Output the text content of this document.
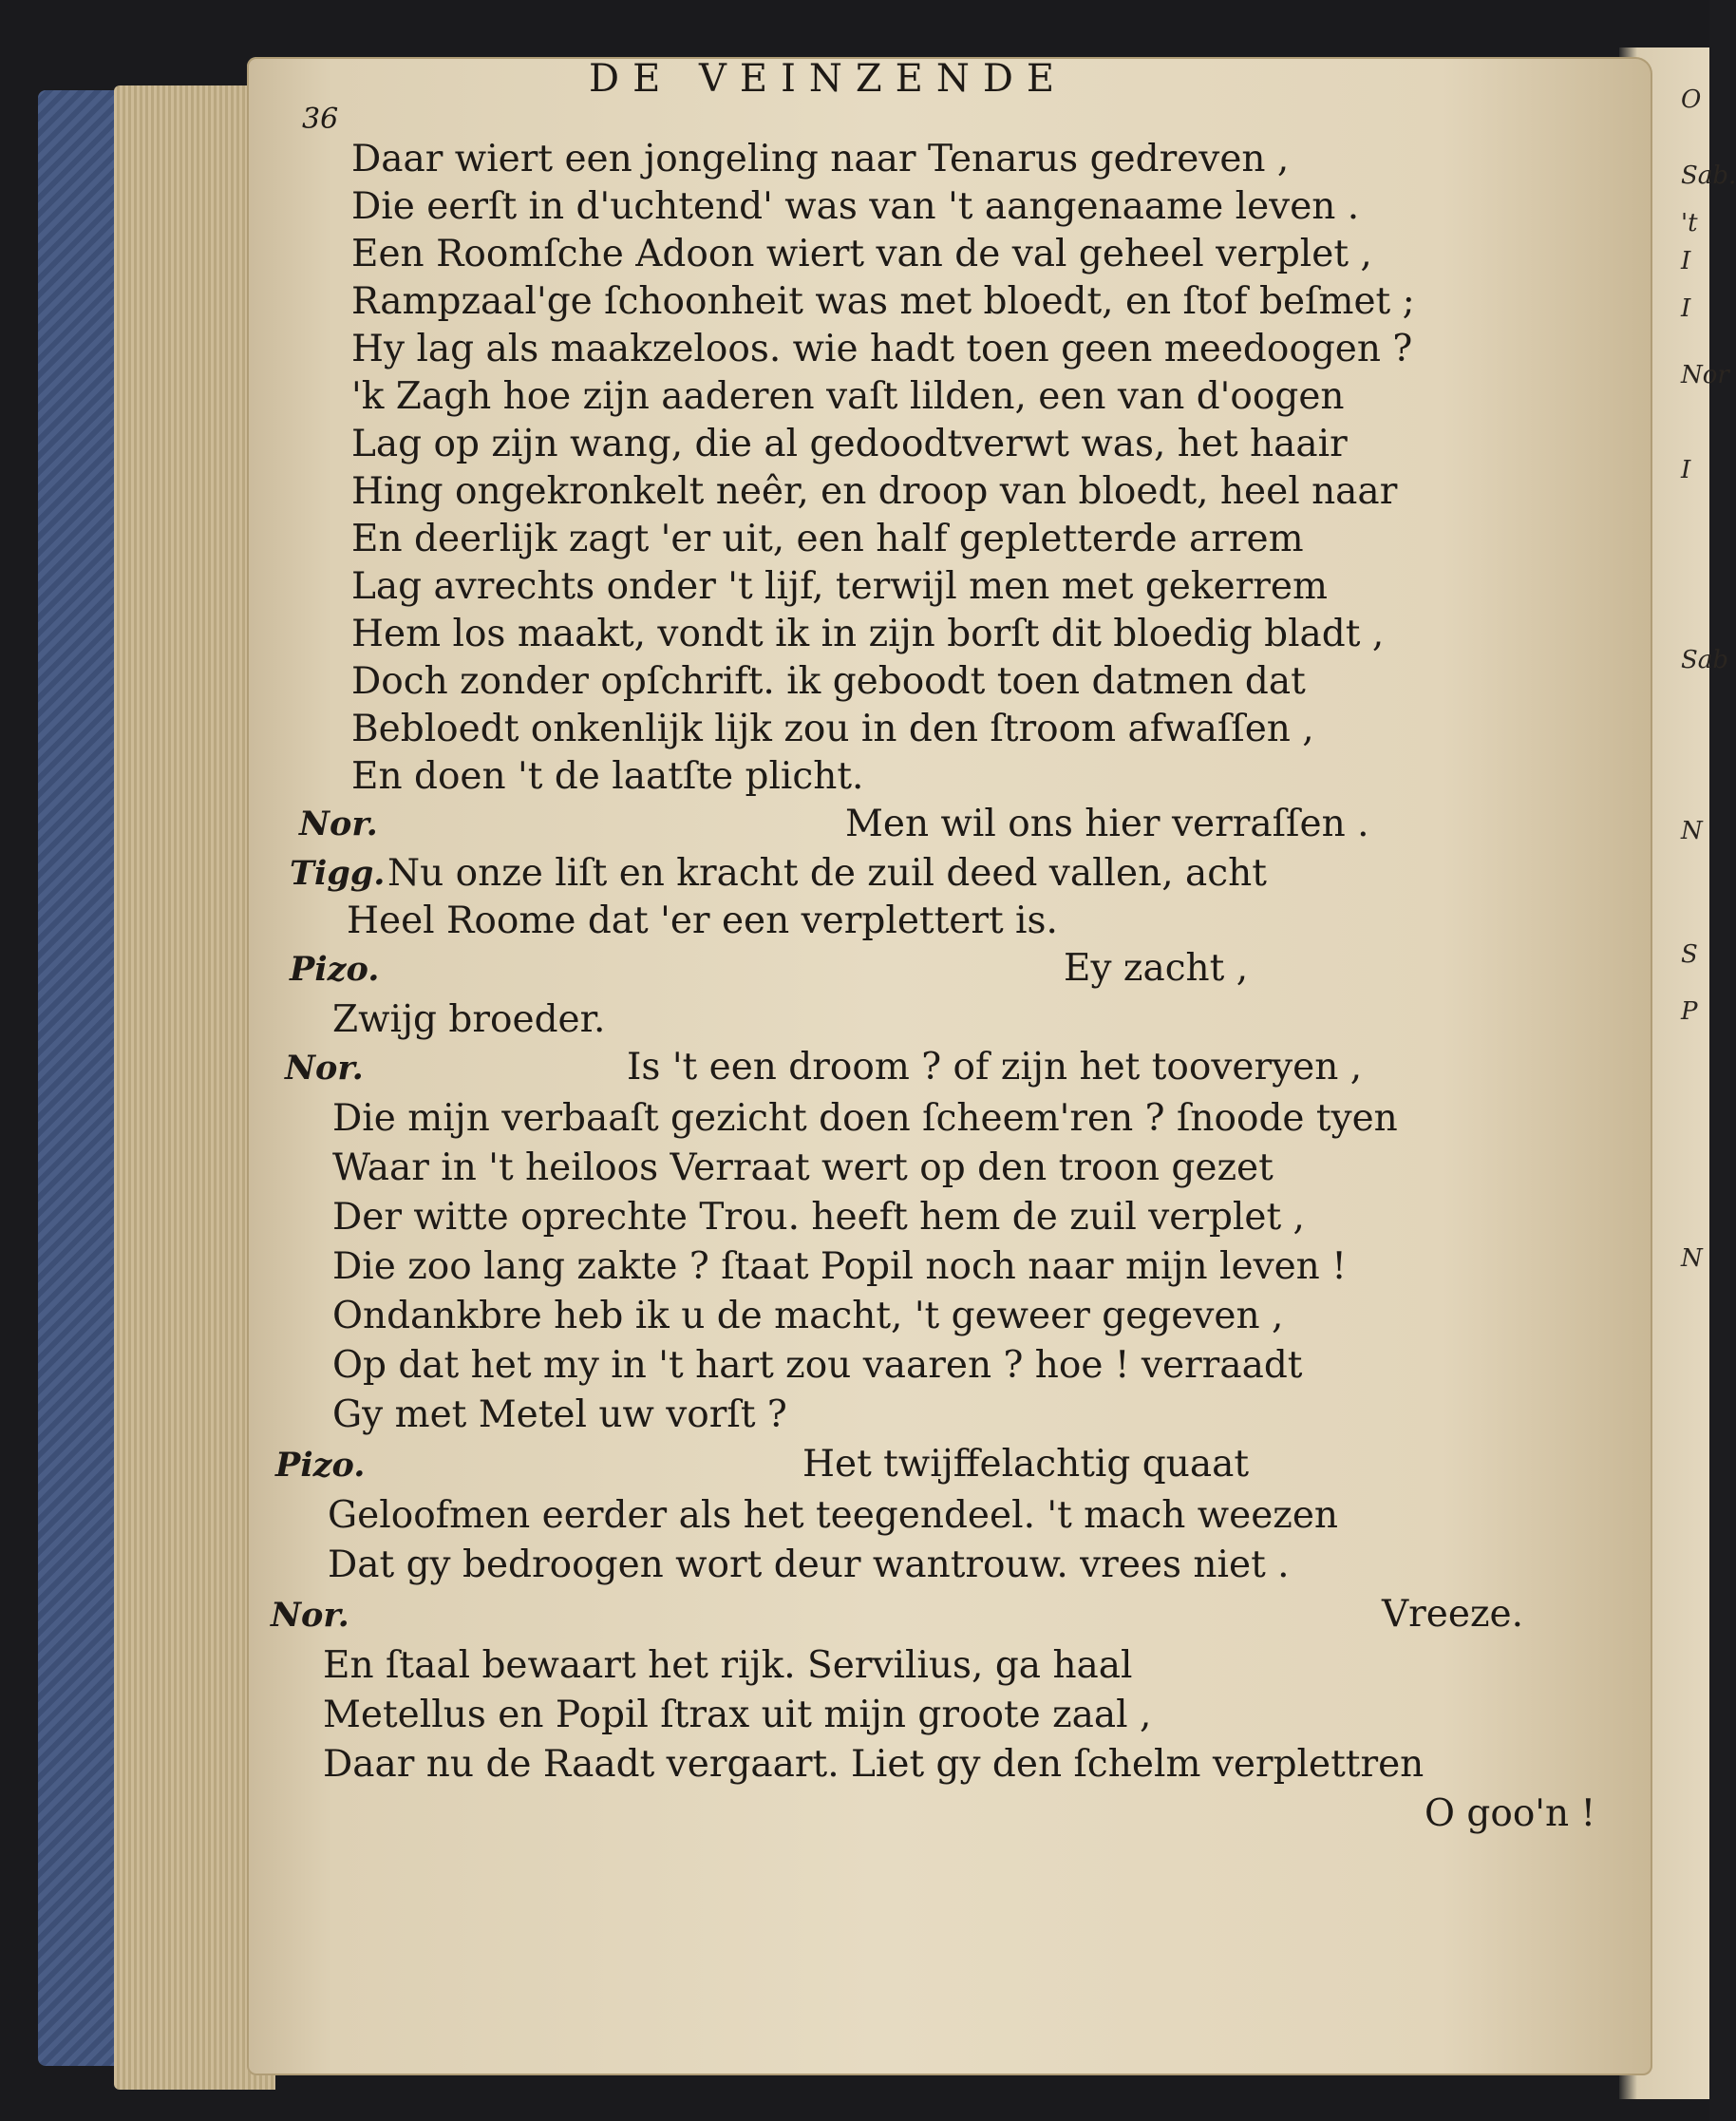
O
Sab.
't
I
I
Nor
I
Sab
N
S
P
N
DE VEINZENDE
36
Daar wiert een jongeling naar Tenarus gedreven ,
Die eerſt in d'uchtend' was van 't aangenaame leven .
Een Roomſche Adoon wiert van de val geheel verplet ,
Rampzaal'ge ſchoonheit was met bloedt, en ſtof beſmet ;
Hy lag als maakzeloos. wie hadt toen geen meedoogen ?
'k Zagh hoe zijn aaderen vaſt lilden, een van d'oogen
Lag op zijn wang, die al gedoodtverwt was, het haair
Hing ongekronkelt neêr, en droop van bloedt, heel naar
En deerlijk zagt 'er uit, een half gepletterde arrem
Lag avrechts onder 't lijf, terwijl men met gekerrem
Hem los maakt, vondt ik in zijn borſt dit bloedig bladt ,
Doch zonder opſchrift. ik geboodt toen datmen dat
Bebloedt onkenlijk lijk zou in den ſtroom afwaſſen ,
En doen 't de laatſte plicht.
Nor.	Men wil ons hier verraſſen .
Tigg. Nu onze liſt en kracht de zuil deed vallen, acht
Heel Roome dat 'er een verplettert is.
Pizo.	Ey zacht ,
Zwijg broeder.
Nor.	Is 't een droom ? of zijn het tooveryen ,
Die mijn verbaaſt gezicht doen ſcheem'ren ? ſnoode tyen
Waar in 't heiloos Verraat wert op den troon gezet
Der witte oprechte Trou. heeft hem de zuil verplet ,
Die zoo lang zakte ? ſtaat Popil noch naar mijn leven !
Ondankbre heb ik u de macht, 't geweer gegeven ,
Op dat het my in 't hart zou vaaren ? hoe ! verraadt
Gy met Metel uw vorſt ?
Pizo.	Het twijffelachtig quaat
Geloofmen eerder als het teegendeel. 't mach weezen
Dat gy bedroogen wort deur wantrouw. vrees niet .
Nor.	Vreeze.
En ſtaal bewaart het rijk. Servilius, ga haal
Metellus en Popil ſtrax uit mijn groote zaal ,
Daar nu de Raadt vergaart. Liet gy den ſchelm verplettren
O goo'n !
